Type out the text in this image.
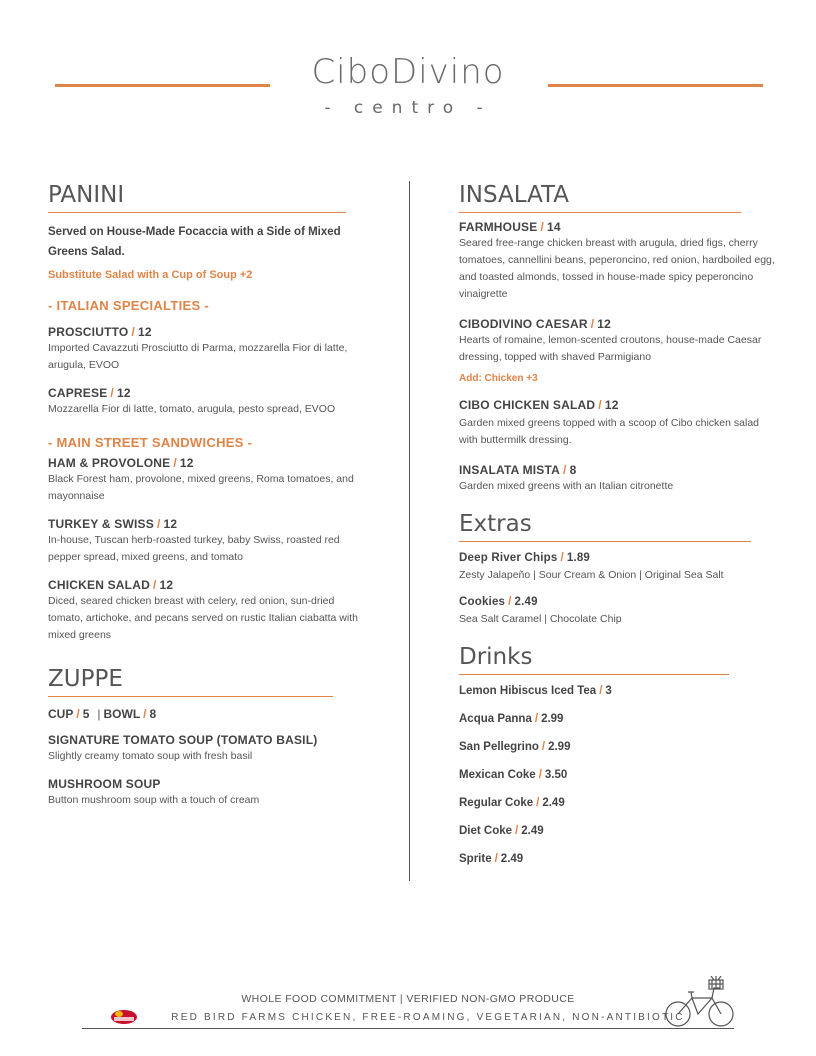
CiboDivino
- centro -
PANINI
Served on House-Made Focaccia with a Side of Mixed Greens Salad.
Substitute Salad with a Cup of Soup +2
- ITALIAN SPECIALTIES -
PROSCIUTTO / 12
Imported Cavazzuti Prosciutto di Parma, mozzarella Fior di latte, arugula, EVOO
CAPRESE / 12
Mozzarella Fior di latte, tomato, arugula, pesto spread, EVOO
- MAIN STREET SANDWICHES -
HAM & PROVOLONE / 12
Black Forest ham, provolone, mixed greens, Roma tomatoes, and mayonnaise
TURKEY & SWISS / 12
In-house, Tuscan herb-roasted turkey, baby Swiss, roasted red pepper spread, mixed greens, and tomato
CHICKEN SALAD / 12
Diced, seared chicken breast with celery, red onion, sun-dried tomato, artichoke, and pecans served on rustic Italian ciabatta with mixed greens
ZUPPE
CUP / 5 | BOWL / 8
SIGNATURE TOMATO SOUP (TOMATO BASIL)
Slightly creamy tomato soup with fresh basil
MUSHROOM SOUP
Button mushroom soup with a touch of cream
INSALATA
FARMHOUSE / 14
Seared free-range chicken breast with arugula, dried figs, cherry tomatoes, cannellini beans, peperoncino, red onion, hardboiled egg, and toasted almonds, tossed in house-made spicy peperoncino vinaigrette
CIBODIVINO CAESAR / 12
Hearts of romaine, lemon-scented croutons, house-made Caesar dressing, topped with shaved Parmigiano
Add: Chicken +3
CIBO CHICKEN SALAD / 12
Garden mixed greens topped with a scoop of Cibo chicken salad with buttermilk dressing.
INSALATA MISTA / 8
Garden mixed greens with an Italian citronette
Extras
Deep River Chips / 1.89
Zesty Jalapeño | Sour Cream & Onion | Original Sea Salt
Cookies / 2.49
Sea Salt Caramel | Chocolate Chip
Drinks
Lemon Hibiscus Iced Tea / 3
Acqua Panna / 2.99
San Pellegrino / 2.99
Mexican Coke / 3.50
Regular Coke / 2.49
Diet Coke / 2.49
Sprite / 2.49
WHOLE FOOD COMMITMENT | VERIFIED NON-GMO PRODUCE
RED BIRD FARMS CHICKEN, FREE-ROAMING, VEGETARIAN, NON-ANTIBIOTIC
